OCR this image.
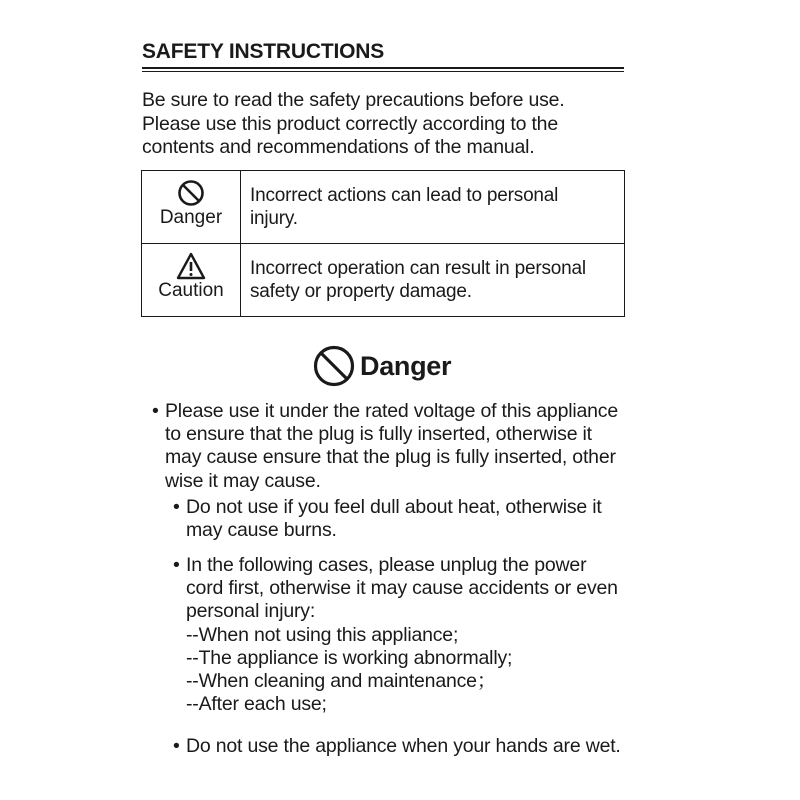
SAFETY INSTRUCTIONS
Be sure to read the safety precautions before use.
Please use this product correctly according to the
contents and recommendations of the manual.
Danger	Incorrect actions can lead to personal
injury.

Caution	Incorrect operation can result in personal
safety or property damage.
Danger
• Please use it under the rated voltage of this appliance
to ensure that the plug is fully inserted, otherwise it
may cause ensure that the plug is fully inserted, other
wise it may cause.
• Do not use if you feel dull about heat, otherwise it
may cause burns.
• In the following cases, please unplug the power
cord first, otherwise it may cause accidents or even
personal injury:
--When not using this appliance;
--The appliance is working abnormally;
--When cleaning and maintenance；
--After each use;
• Do not use the appliance when your hands are wet.
